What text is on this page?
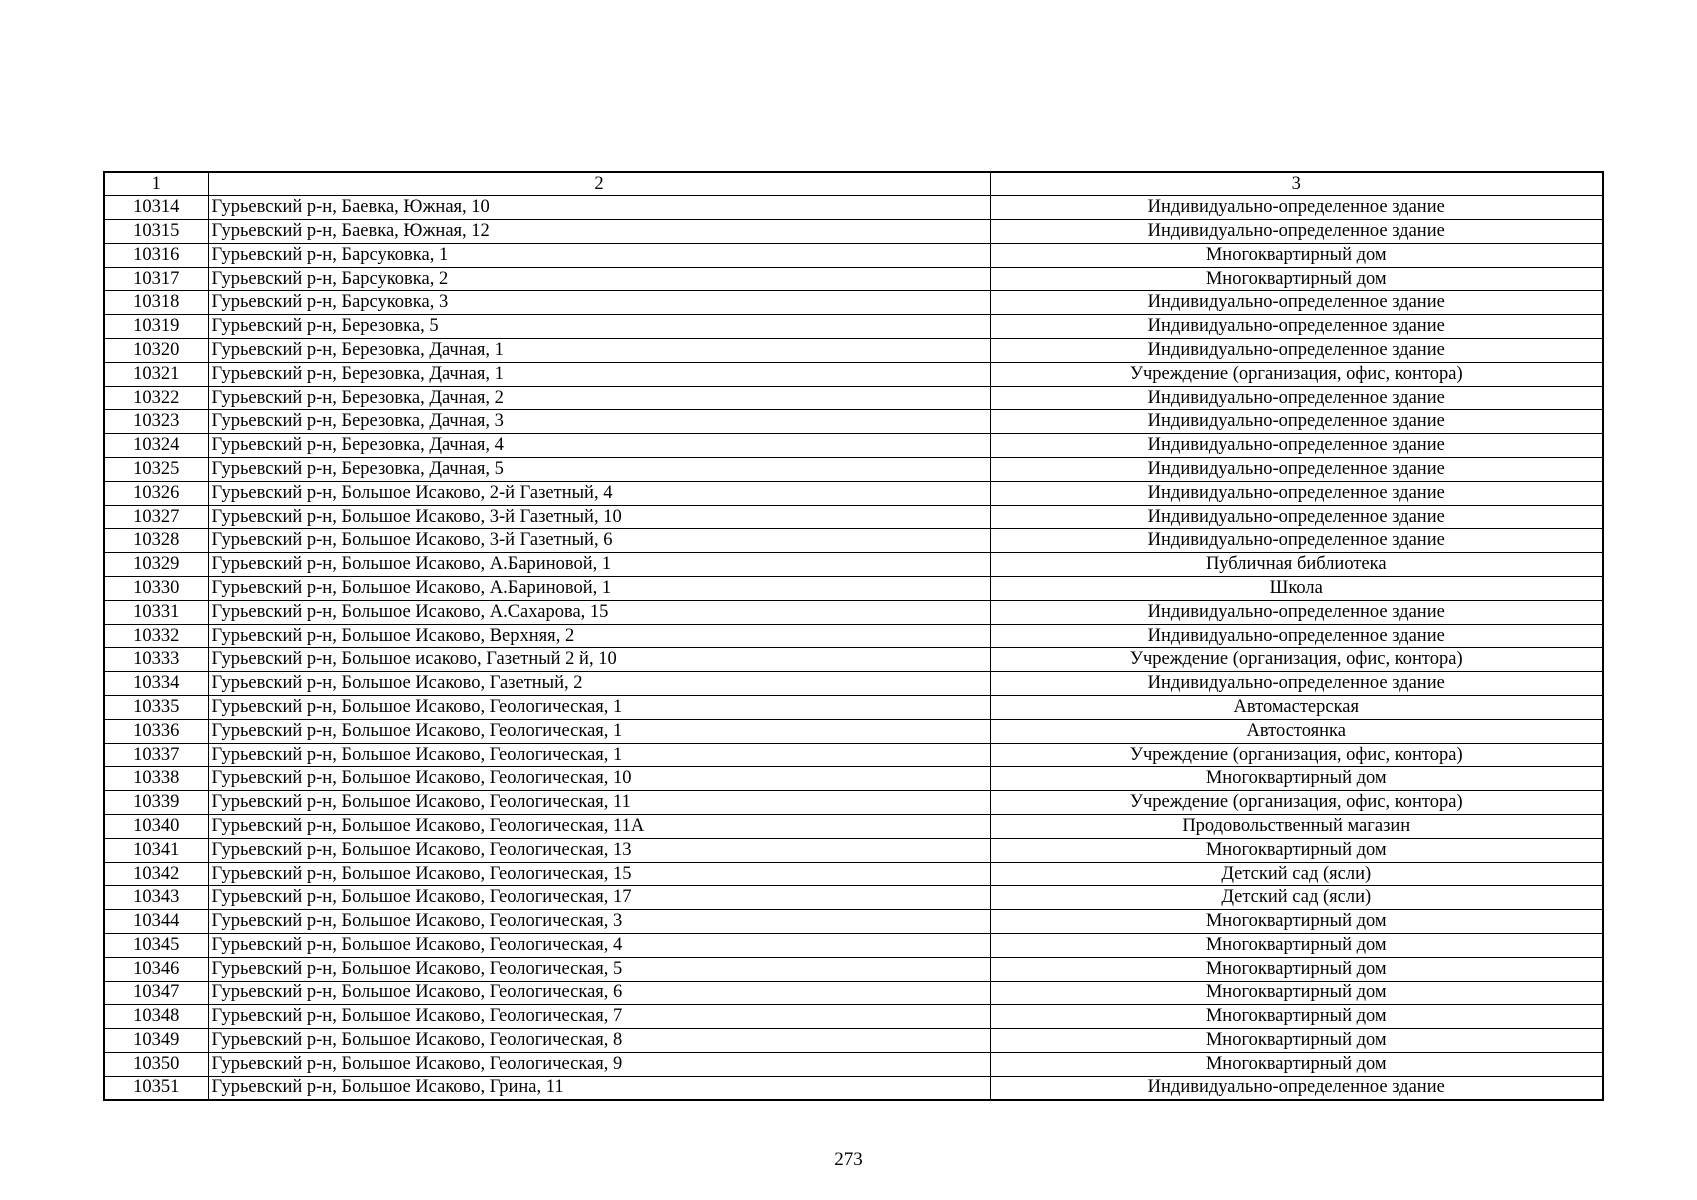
1	2	3
10314	Гурьевский р-н, Баевка, Южная, 10	Индивидуально-определенное здание
10315	Гурьевский р-н, Баевка, Южная, 12	Индивидуально-определенное здание
10316	Гурьевский р-н, Барсуковка, 1	Многоквартирный дом
10317	Гурьевский р-н, Барсуковка, 2	Многоквартирный дом
10318	Гурьевский р-н, Барсуковка, 3	Индивидуально-определенное здание
10319	Гурьевский р-н, Березовка, 5	Индивидуально-определенное здание
10320	Гурьевский р-н, Березовка, Дачная, 1	Индивидуально-определенное здание
10321	Гурьевский р-н, Березовка, Дачная, 1	Учреждение (организация, офис, контора)
10322	Гурьевский р-н, Березовка, Дачная, 2	Индивидуально-определенное здание
10323	Гурьевский р-н, Березовка, Дачная, 3	Индивидуально-определенное здание
10324	Гурьевский р-н, Березовка, Дачная, 4	Индивидуально-определенное здание
10325	Гурьевский р-н, Березовка, Дачная, 5	Индивидуально-определенное здание
10326	Гурьевский р-н, Большое Исаково, 2-й Газетный, 4	Индивидуально-определенное здание
10327	Гурьевский р-н, Большое Исаково, 3-й Газетный, 10	Индивидуально-определенное здание
10328	Гурьевский р-н, Большое Исаково, 3-й Газетный, 6	Индивидуально-определенное здание
10329	Гурьевский р-н, Большое Исаково, А.Бариновой, 1	Публичная библиотека
10330	Гурьевский р-н, Большое Исаково, А.Бариновой, 1	Школа
10331	Гурьевский р-н, Большое Исаково, А.Сахарова, 15	Индивидуально-определенное здание
10332	Гурьевский р-н, Большое Исаково, Верхняя, 2	Индивидуально-определенное здание
10333	Гурьевский р-н, Большое исаково, Газетный 2 й, 10	Учреждение (организация, офис, контора)
10334	Гурьевский р-н, Большое Исаково, Газетный, 2	Индивидуально-определенное здание
10335	Гурьевский р-н, Большое Исаково, Геологическая, 1	Автомастерская
10336	Гурьевский р-н, Большое Исаково, Геологическая, 1	Автостоянка
10337	Гурьевский р-н, Большое Исаково, Геологическая, 1	Учреждение (организация, офис, контора)
10338	Гурьевский р-н, Большое Исаково, Геологическая, 10	Многоквартирный дом
10339	Гурьевский р-н, Большое Исаково, Геологическая, 11	Учреждение (организация, офис, контора)
10340	Гурьевский р-н, Большое Исаково, Геологическая, 11А	Продовольственный магазин
10341	Гурьевский р-н, Большое Исаково, Геологическая, 13	Многоквартирный дом
10342	Гурьевский р-н, Большое Исаково, Геологическая, 15	Детский сад (ясли)
10343	Гурьевский р-н, Большое Исаково, Геологическая, 17	Детский сад (ясли)
10344	Гурьевский р-н, Большое Исаково, Геологическая, 3	Многоквартирный дом
10345	Гурьевский р-н, Большое Исаково, Геологическая, 4	Многоквартирный дом
10346	Гурьевский р-н, Большое Исаково, Геологическая, 5	Многоквартирный дом
10347	Гурьевский р-н, Большое Исаково, Геологическая, 6	Многоквартирный дом
10348	Гурьевский р-н, Большое Исаково, Геологическая, 7	Многоквартирный дом
10349	Гурьевский р-н, Большое Исаково, Геологическая, 8	Многоквартирный дом
10350	Гурьевский р-н, Большое Исаково, Геологическая, 9	Многоквартирный дом
10351	Гурьевский р-н, Большое Исаково, Грина, 11	Индивидуально-определенное здание
273
